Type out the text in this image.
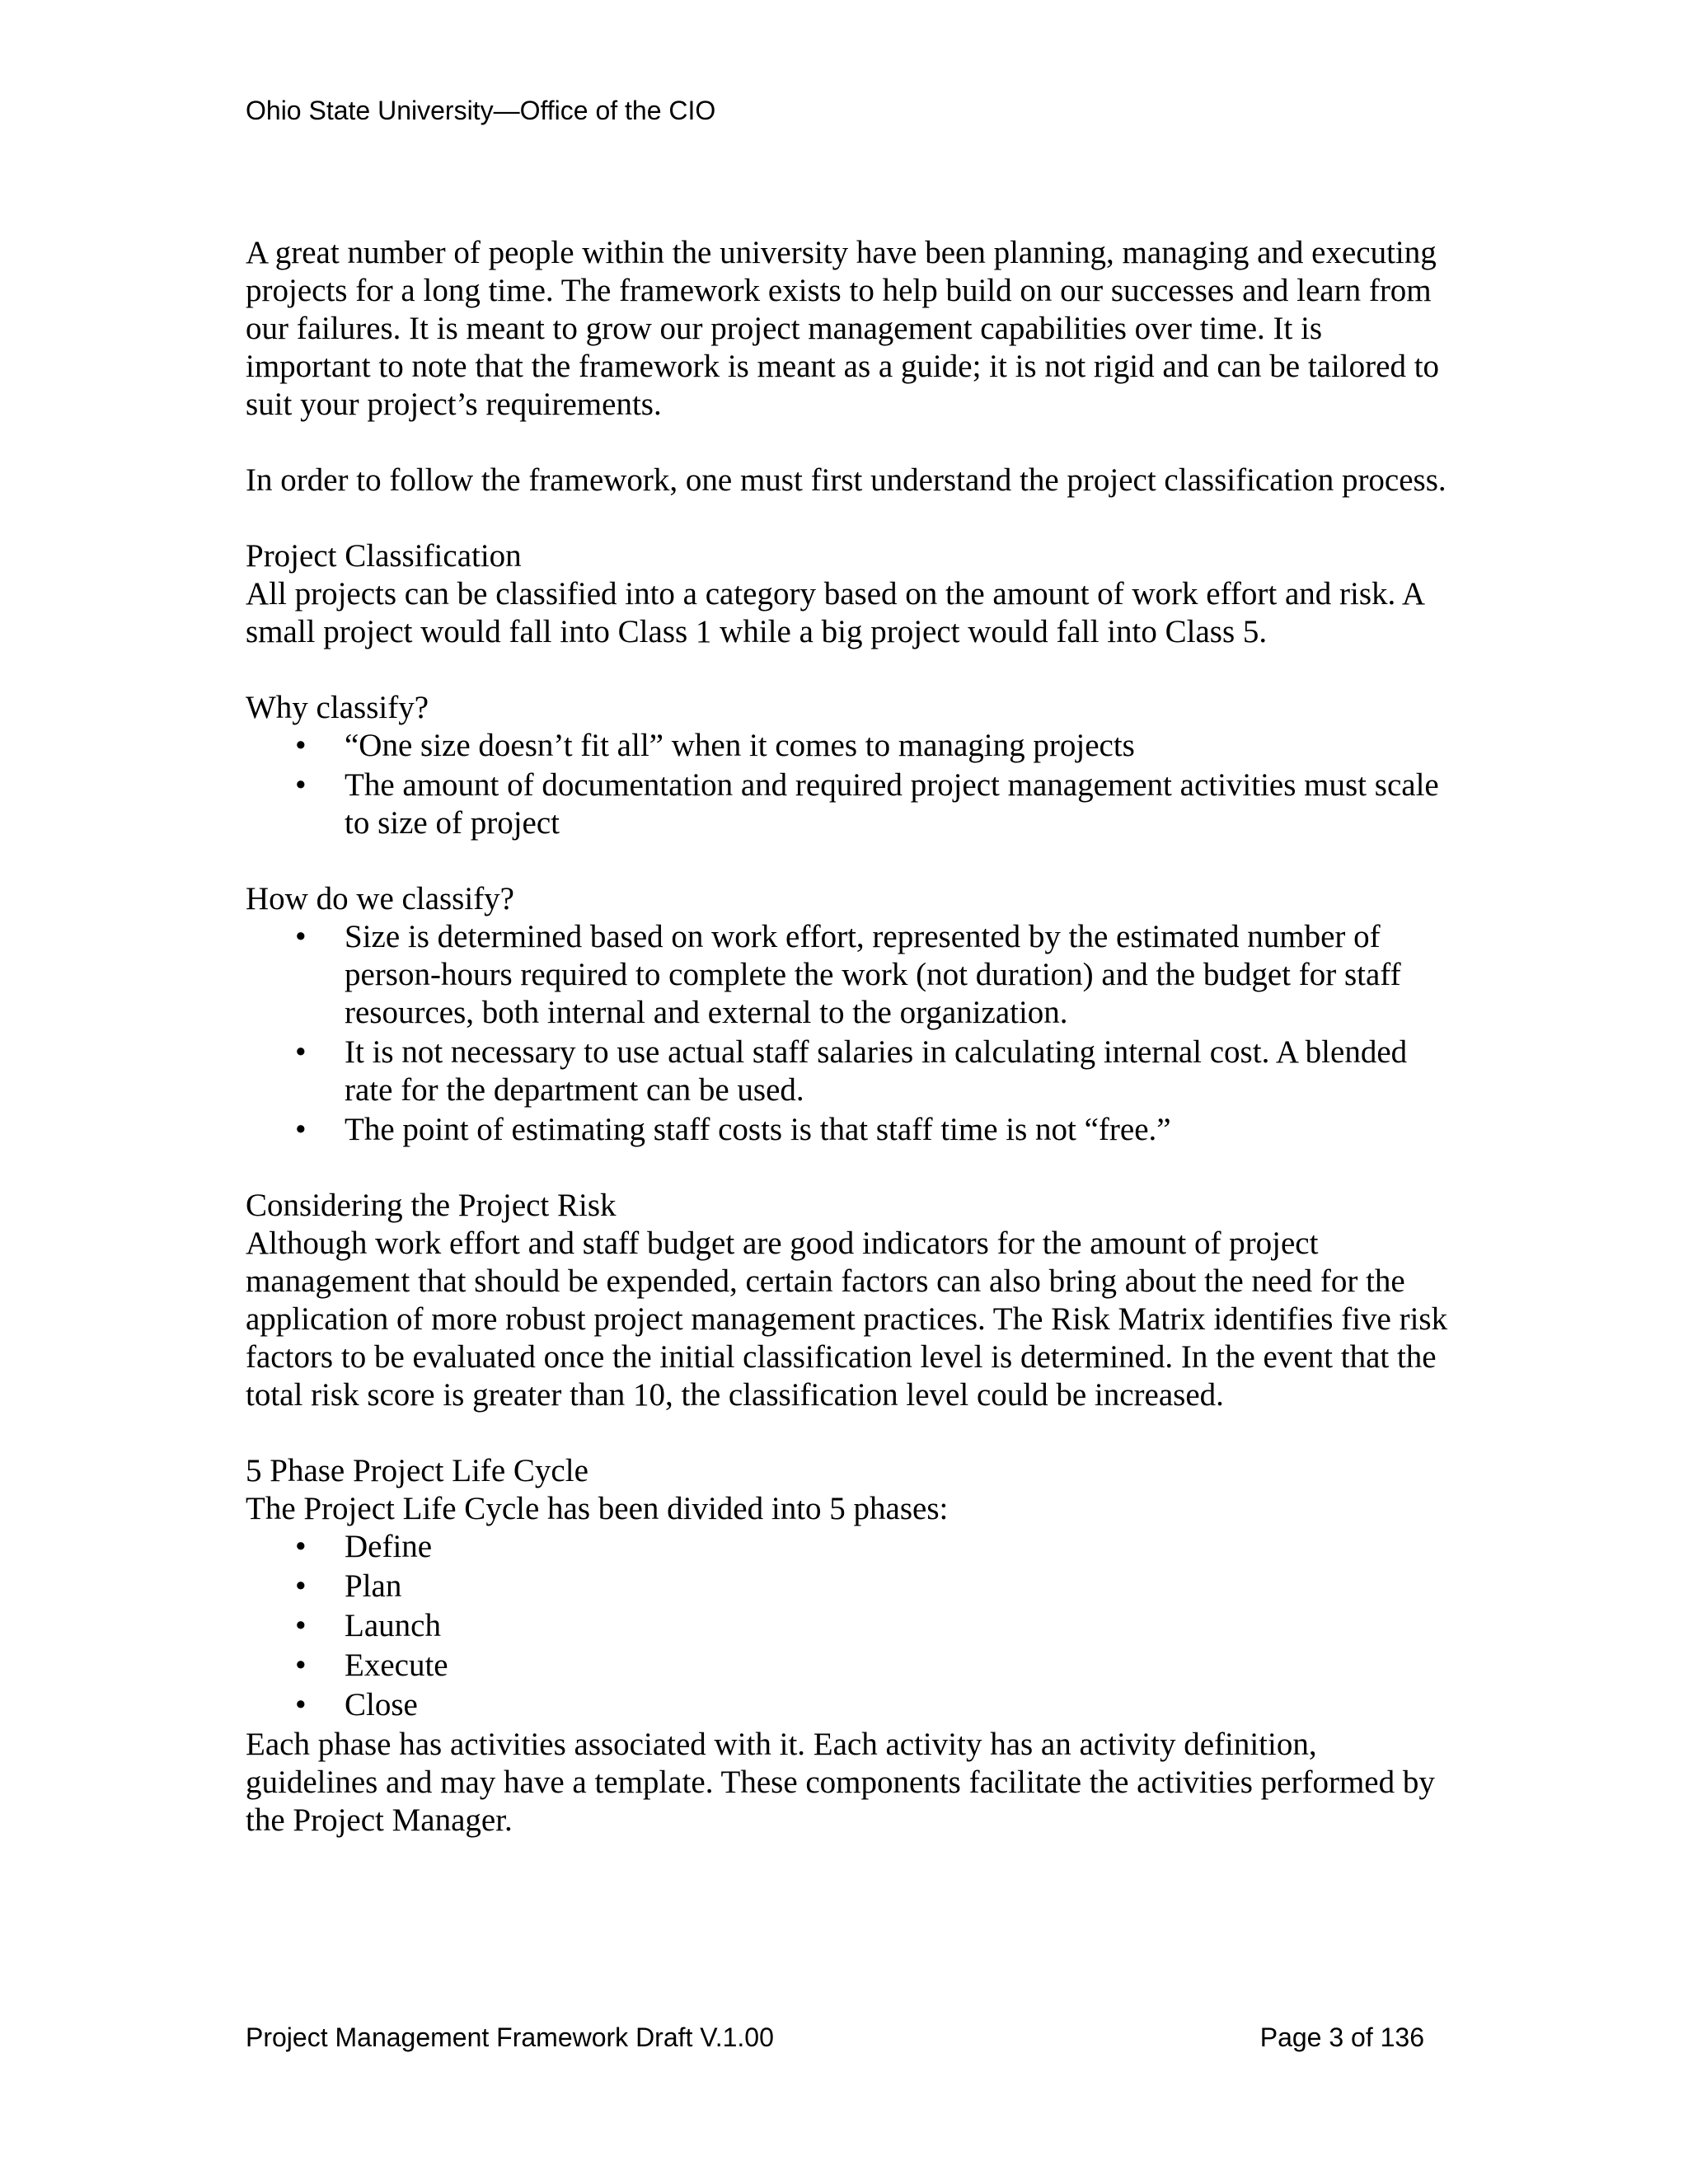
Ohio State University—Office of the CIO

A great number of people within the university have been planning, managing and executing projects for a long time. The framework exists to help build on our successes and learn from our failures. It is meant to grow our project management capabilities over time. It is important to note that the framework is meant as a guide; it is not rigid and can be tailored to suit your project’s requirements.

In order to follow the framework, one must first understand the project classification process.

Project Classification

All projects can be classified into a category based on the amount of work effort and risk. A small project would fall into Class 1 while a big project would fall into Class 5.

Why classify?

• “One size doesn’t fit all” when it comes to managing projects
• The amount of documentation and required project management activities must scale to size of project

How do we classify?

• Size is determined based on work effort, represented by the estimated number of person-hours required to complete the work (not duration) and the budget for staff resources, both internal and external to the organization.
• It is not necessary to use actual staff salaries in calculating internal cost. A blended rate for the department can be used.
• The point of estimating staff costs is that staff time is not “free.”

Considering the Project Risk

Although work effort and staff budget are good indicators for the amount of project management that should be expended, certain factors can also bring about the need for the application of more robust project management practices. The Risk Matrix identifies five risk factors to be evaluated once the initial classification level is determined. In the event that the total risk score is greater than 10, the classification level could be increased.

5 Phase Project Life Cycle

The Project Life Cycle has been divided into 5 phases:

• Define
• Plan
• Launch
• Execute
• Close

Each phase has activities associated with it. Each activity has an activity definition, guidelines and may have a template. These components facilitate the activities performed by the Project Manager.

Project Management Framework Draft V.1.00	Page 3 of 136
